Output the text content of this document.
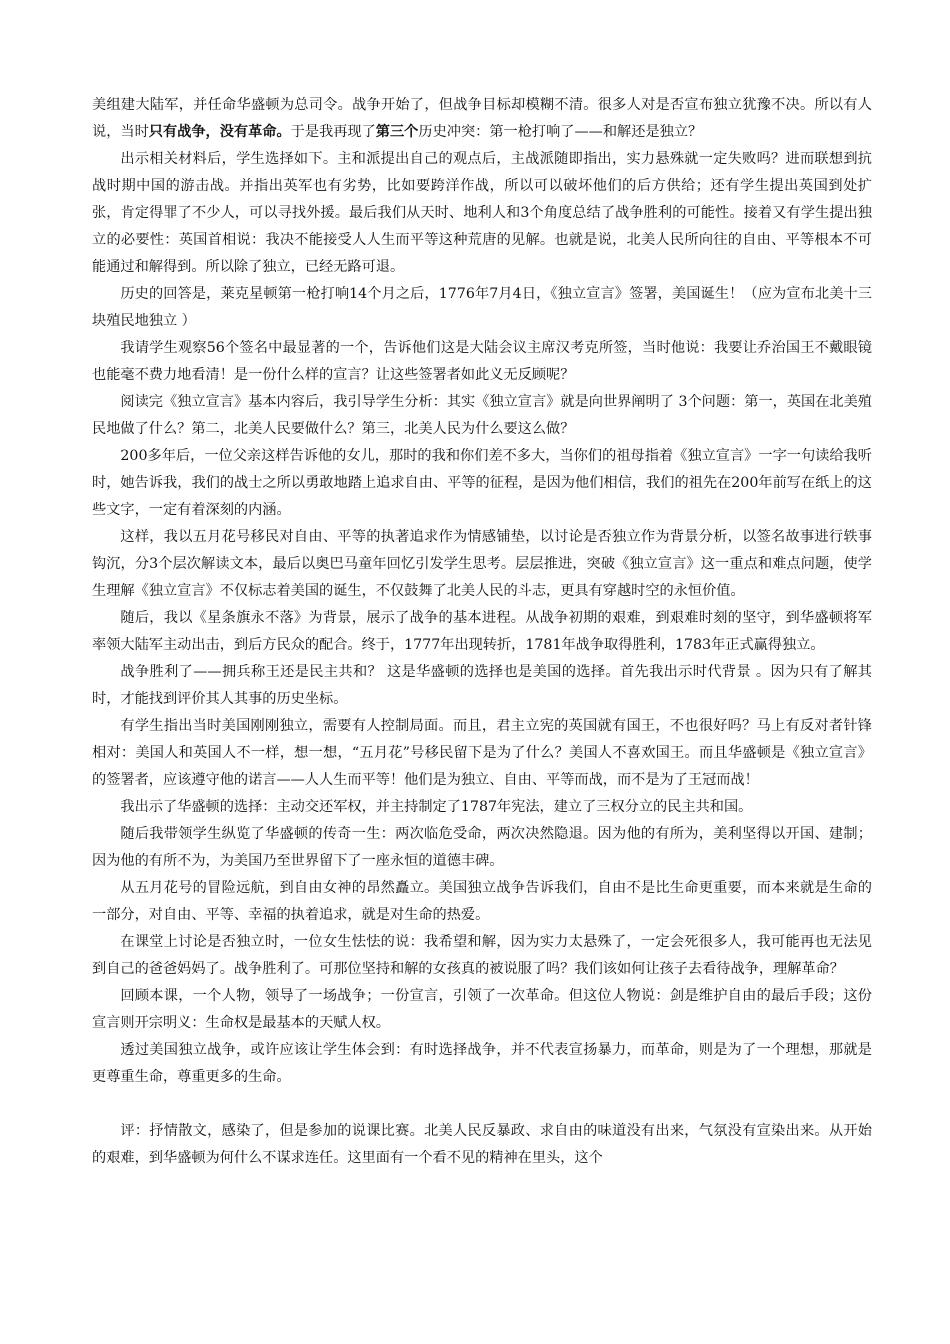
美组建大陆军，并任命华盛顿为总司令。战争开始了，但战争目标却模糊不清。很多人对是否宣布独立犹豫不决。所以有人说，当时只有战争，没有革命。于是我再现了第三个历史冲突：第一枪打响了——和解还是独立？

出示相关材料后，学生选择如下。主和派提出自己的观点后，主战派随即指出，实力悬殊就一定失败吗？进而联想到抗战时期中国的游击战。并指出英军也有劣势，比如要跨洋作战，所以可以破坏他们的后方供给；还有学生提出英国到处扩张，肯定得罪了不少人，可以寻找外援。最后我们从天时、地利人和3个角度总结了战争胜利的可能性。接着又有学生提出独立的必要性：英国首相说：我决不能接受人人生而平等这种荒唐的见解。也就是说，北美人民所向往的自由、平等根本不可能通过和解得到。所以除了独立，已经无路可退。

历史的回答是，莱克星顿第一枪打响14个月之后，1776年7月4日，《独立宣言》签署，美国诞生！（应为宣布北美十三块殖民地独立 ）

我请学生观察56个签名中最显著的一个，告诉他们这是大陆会议主席汉考克所签，当时他说：我要让乔治国王不戴眼镜也能毫不费力地看清！是一份什么样的宣言？让这些签署者如此义无反顾呢？

阅读完《独立宣言》基本内容后，我引导学生分析：其实《独立宣言》就是向世界阐明了 3个问题：第一，英国在北美殖民地做了什么？第二，北美人民要做什么？第三，北美人民为什么要这么做？

200多年后，一位父亲这样告诉他的女儿，那时的我和你们差不多大，当你们的祖母指着《独立宣言》一字一句读给我听时，她告诉我，我们的战士之所以勇敢地踏上追求自由、平等的征程，是因为他们相信，我们的祖先在200年前写在纸上的这些文字，一定有着深刻的内涵。

这样，我以五月花号移民对自由、平等的执著追求作为情感铺垫，以讨论是否独立作为背景分析，以签名故事进行轶事钩沉，分3个层次解读文本，最后以奥巴马童年回忆引发学生思考。层层推进，突破《独立宣言》这一重点和难点问题，使学生理解《独立宣言》不仅标志着美国的诞生，不仅鼓舞了北美人民的斗志，更具有穿越时空的永恒价值。

随后，我以《星条旗永不落》为背景，展示了战争的基本进程。从战争初期的艰难，到艰难时刻的坚守，到华盛顿将军率领大陆军主动出击，到后方民众的配合。终于，1777年出现转折，1781年战争取得胜利，1783年正式赢得独立。

战争胜利了——拥兵称王还是民主共和？ 这是华盛顿的选择也是美国的选择。首先我出示时代背景 。因为只有了解其时，才能找到评价其人其事的历史坐标。

有学生指出当时美国刚刚独立，需要有人控制局面。而且，君主立宪的英国就有国王，不也很好吗？马上有反对者针锋相对：美国人和英国人不一样，想一想，“五月花”号移民留下是为了什么？美国人不喜欢国王。而且华盛顿是《独立宣言》的签署者，应该遵守他的诺言——人人生而平等！他们是为独立、自由、平等而战，而不是为了王冠而战！

我出示了华盛顿的选择：主动交还军权，并主持制定了1787年宪法，建立了三权分立的民主共和国。

随后我带领学生纵览了华盛顿的传奇一生：两次临危受命，两次决然隐退。因为他的有所为，美利坚得以开国、建制；因为他的有所不为，为美国乃至世界留下了一座永恒的道德丰碑。

从五月花号的冒险远航，到自由女神的昂然矗立。美国独立战争告诉我们，自由不是比生命更重要，而本来就是生命的一部分，对自由、平等、幸福的执着追求，就是对生命的热爱。

在课堂上讨论是否独立时，一位女生怯怯的说：我希望和解，因为实力太悬殊了，一定会死很多人，我可能再也无法见到自己的爸爸妈妈了。战争胜利了。可那位坚持和解的女孩真的被说服了吗？我们该如何让孩子去看待战争，理解革命？

回顾本课，一个人物，领导了一场战争；一份宣言，引领了一次革命。但这位人物说：剑是维护自由的最后手段；这份宣言则开宗明义：生命权是最基本的天赋人权。

透过美国独立战争，或许应该让学生体会到：有时选择战争，并不代表宣扬暴力，而革命，则是为了一个理想，那就是更尊重生命，尊重更多的生命。

评：抒情散文，感染了，但是参加的说课比赛。北美人民反暴政、求自由的味道没有出来，气氛没有宣染出来。从开始的艰难，到华盛顿为何什么不谋求连任。这里面有一个看不见的精神在里头，这个
